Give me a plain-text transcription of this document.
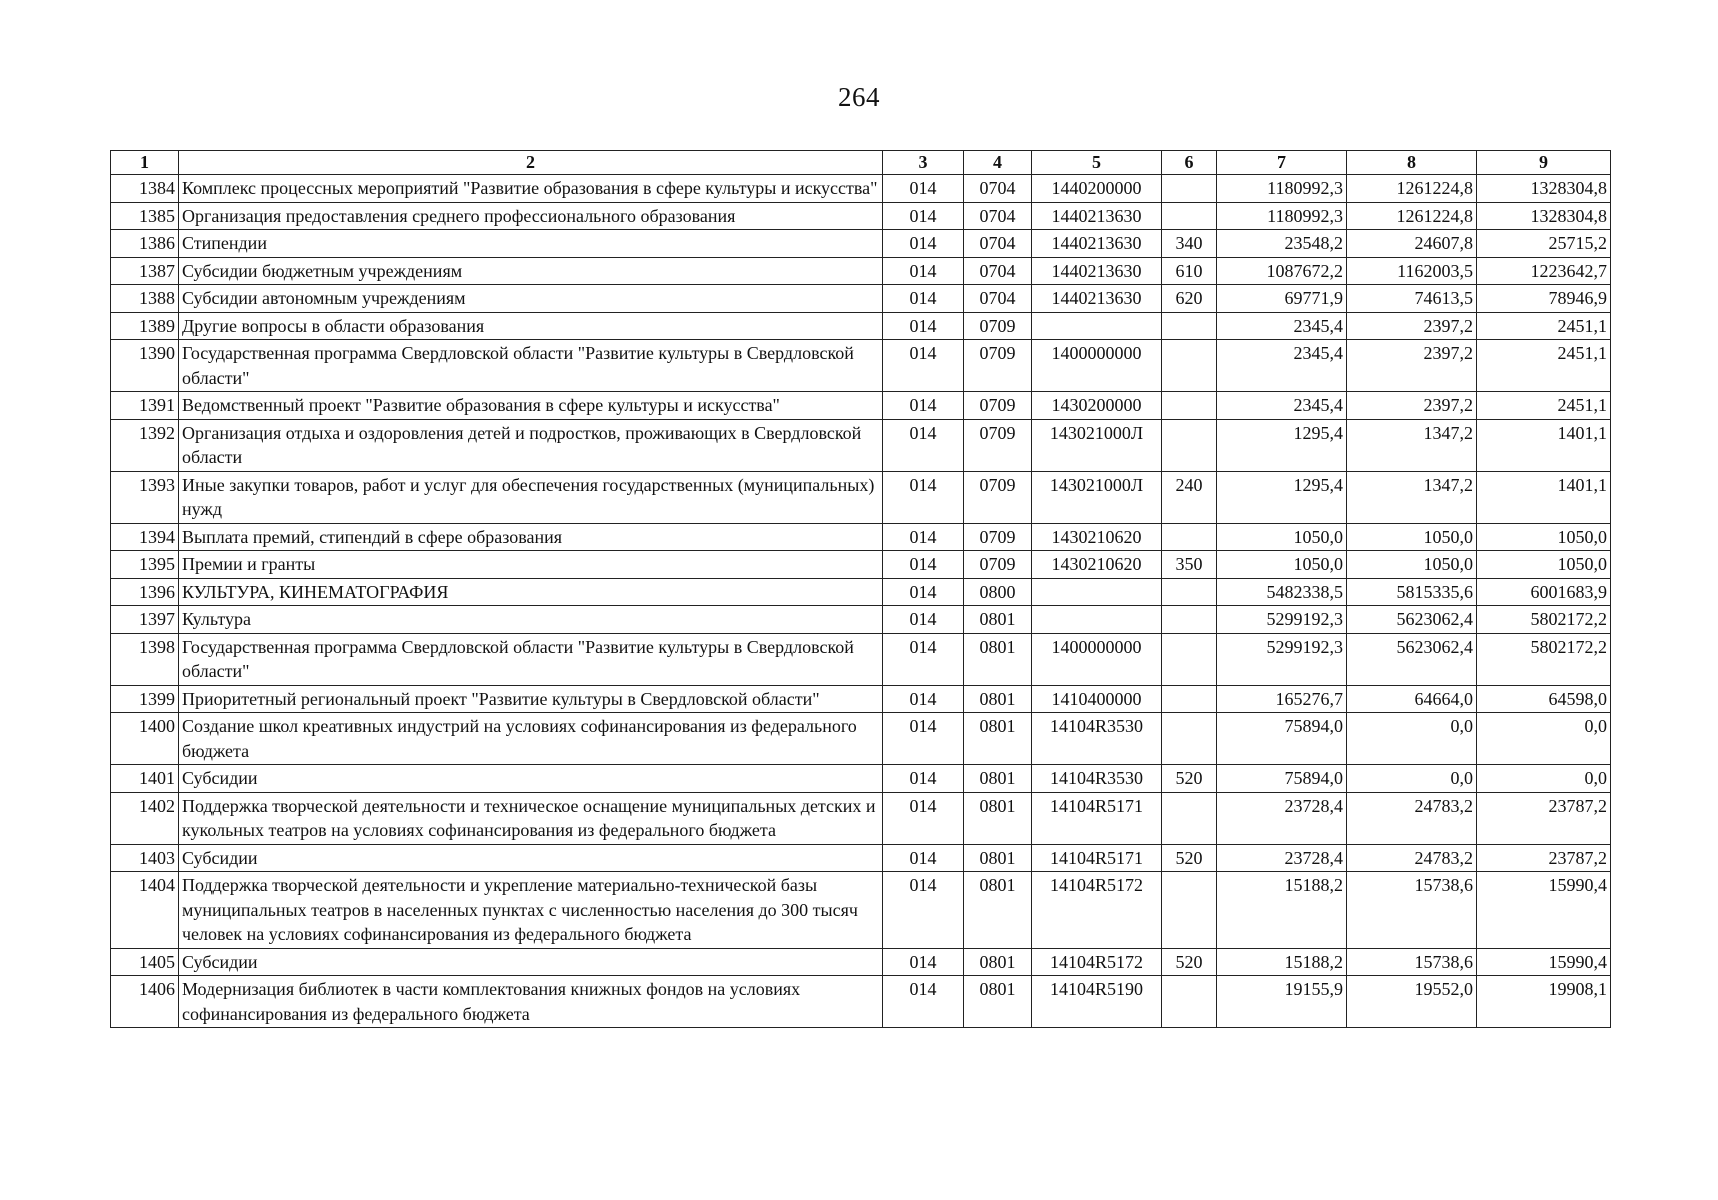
264
1	2	3	4	5	6	7	8	9
1384	Комплекс процессных мероприятий "Развитие образования в сфере культуры и искусства"	014	0704	1440200000		1180992,3	1261224,8	1328304,8
1385	Организация предоставления среднего профессионального образования	014	0704	1440213630		1180992,3	1261224,8	1328304,8
1386	Стипендии	014	0704	1440213630	340	23548,2	24607,8	25715,2
1387	Субсидии бюджетным учреждениям	014	0704	1440213630	610	1087672,2	1162003,5	1223642,7
1388	Субсидии автономным учреждениям	014	0704	1440213630	620	69771,9	74613,5	78946,9
1389	Другие вопросы в области образования	014	0709			2345,4	2397,2	2451,1
1390	Государственная программа Свердловской области "Развитие культуры в Свердловской области"	014	0709	1400000000		2345,4	2397,2	2451,1
1391	Ведомственный проект "Развитие образования в сфере культуры и искусства"	014	0709	1430200000		2345,4	2397,2	2451,1
1392	Организация отдыха и оздоровления детей и подростков, проживающих в Свердловской области	014	0709	143021000Л		1295,4	1347,2	1401,1
1393	Иные закупки товаров, работ и услуг для обеспечения государственных (муниципальных) нужд	014	0709	143021000Л	240	1295,4	1347,2	1401,1
1394	Выплата премий, стипендий в сфере образования	014	0709	1430210620		1050,0	1050,0	1050,0
1395	Премии и гранты	014	0709	1430210620	350	1050,0	1050,0	1050,0
1396	КУЛЬТУРА, КИНЕМАТОГРАФИЯ	014	0800			5482338,5	5815335,6	6001683,9
1397	Культура	014	0801			5299192,3	5623062,4	5802172,2
1398	Государственная программа Свердловской области "Развитие культуры в Свердловской области"	014	0801	1400000000		5299192,3	5623062,4	5802172,2
1399	Приоритетный региональный проект "Развитие культуры в Свердловской области"	014	0801	1410400000		165276,7	64664,0	64598,0
1400	Создание школ креативных индустрий на условиях софинансирования из федерального бюджета	014	0801	14104R3530		75894,0	0,0	0,0
1401	Субсидии	014	0801	14104R3530	520	75894,0	0,0	0,0
1402	Поддержка творческой деятельности и техническое оснащение муниципальных детских и кукольных театров на условиях софинансирования из федерального бюджета	014	0801	14104R5171		23728,4	24783,2	23787,2
1403	Субсидии	014	0801	14104R5171	520	23728,4	24783,2	23787,2
1404	Поддержка творческой деятельности и укрепление материально-технической базы муниципальных театров в населенных пунктах с численностью населения до 300 тысяч человек на условиях софинансирования из федерального бюджета	014	0801	14104R5172		15188,2	15738,6	15990,4
1405	Субсидии	014	0801	14104R5172	520	15188,2	15738,6	15990,4
1406	Модернизация библиотек в части комплектования книжных фондов на условиях софинансирования из федерального бюджета	014	0801	14104R5190		19155,9	19552,0	19908,1
